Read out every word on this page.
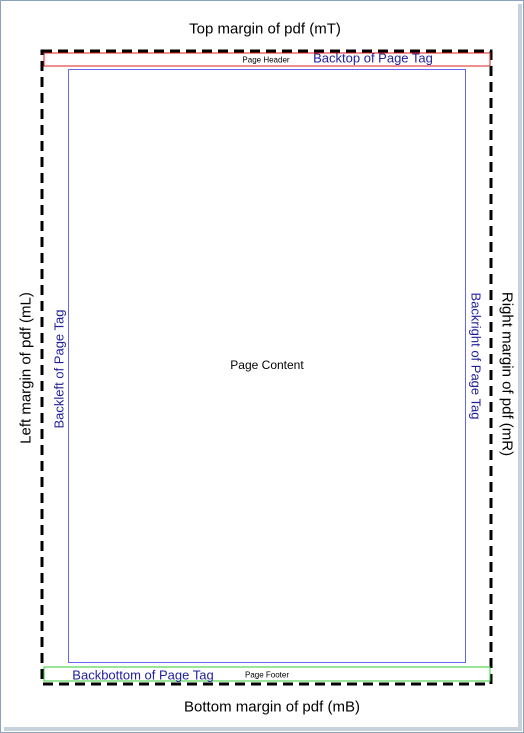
Top margin of pdf (mT)
Bottom margin of pdf (mB)
Left margin of pdf (mL)	Right margin of pdf (mR)
Page Header Backtop of Page Tag
Backbottom of Page Tag	Page Footer
Page Content
Backleft of Page Tag	Backright of Page Tag
